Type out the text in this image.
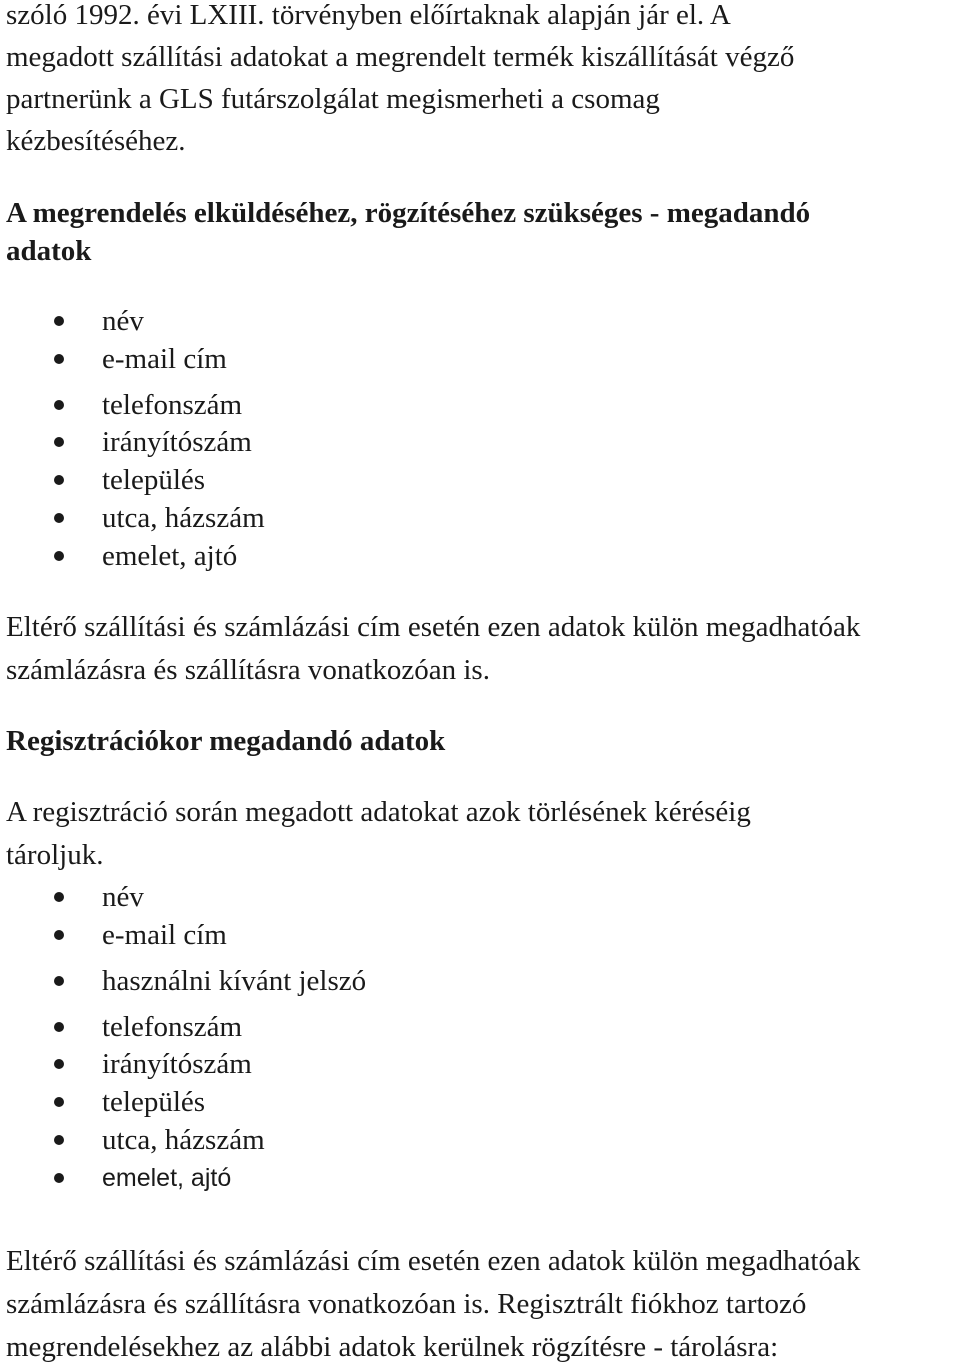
szóló 1992. évi LXIII. törvényben előírtaknak alapján jár el. A
megadott szállítási adatokat a megrendelt termék kiszállítását végző
partnerünk a GLS futárszolgálat megismerheti a csomag
kézbesítéséhez.
A megrendelés elküldéséhez, rögzítéséhez szükséges - megadandó
adatok
név
e-mail cím
telefonszám
irányítószám
település
utca, házszám
emelet, ajtó
Eltérő szállítási és számlázási cím esetén ezen adatok külön megadhatóak
számlázásra és szállításra vonatkozóan is.
Regisztrációkor megadandó adatok
A regisztráció során megadott adatokat azok törlésének kéréséig
tároljuk.
név
e-mail cím
használni kívánt jelszó
telefonszám
irányítószám
település
utca, házszám
emelet, ajtó
Eltérő szállítási és számlázási cím esetén ezen adatok külön megadhatóak
számlázásra és szállításra vonatkozóan is. Regisztrált fiókhoz tartozó
megrendelésekhez az alábbi adatok kerülnek rögzítésre - tárolásra:
